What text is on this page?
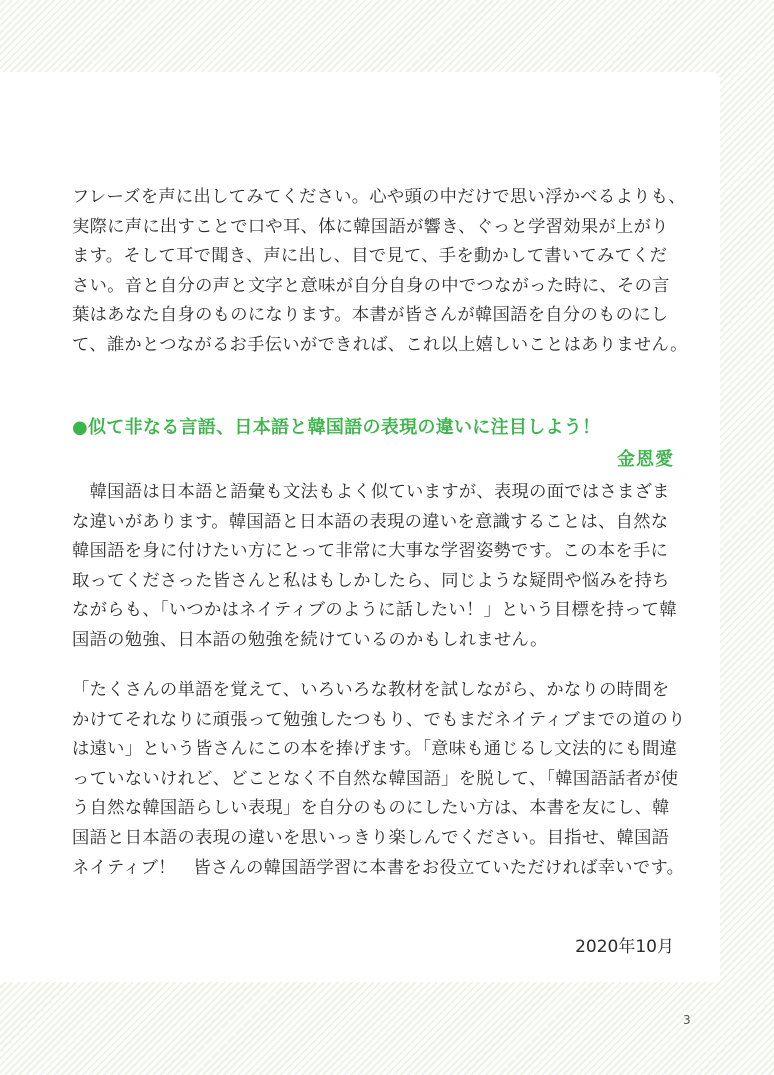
フレーズを声に出してみてください。心や頭の中だけで思い浮かべるよりも、
実際に声に出すことで口や耳、体に韓国語が響き、ぐっと学習効果が上がり
ます。そして耳で聞き、声に出し、目で見て、手を動かして書いてみてくだ
さい。音と自分の声と文字と意味が自分自身の中でつながった時に、その言
葉はあなた自身のものになります。本書が皆さんが韓国語を自分のものにし
て、誰かとつながるお手伝いができれば、これ以上嬉しいことはありません。

●似て非なる言語、日本語と韓国語の表現の違いに注目しよう！

金恩愛

　韓国語は日本語と語彙も文法もよく似ていますが、表現の面ではさまざま
な違いがあります。韓国語と日本語の表現の違いを意識することは、自然な
韓国語を身に付けたい方にとって非常に大事な学習姿勢です。この本を手に
取ってくださった皆さんと私はもしかしたら、同じような疑問や悩みを持ち
ながらも、「いつかはネイティブのように話したい！」という目標を持って韓
国語の勉強、日本語の勉強を続けているのかもしれません。

「たくさんの単語を覚えて、いろいろな教材を試しながら、かなりの時間を
かけてそれなりに頑張って勉強したつもり、でもまだネイティブまでの道のり
は遠い」という皆さんにこの本を捧げます。「意味も通じるし文法的にも間違
っていないけれど、どことなく不自然な韓国語」を脱して、「韓国語話者が使
う自然な韓国語らしい表現」を自分のものにしたい方は、本書を友にし、韓
国語と日本語の表現の違いを思いっきり楽しんでください。目指せ、韓国語
ネイティブ！　皆さんの韓国語学習に本書をお役立ていただければ幸いです。

2020年10月

3
